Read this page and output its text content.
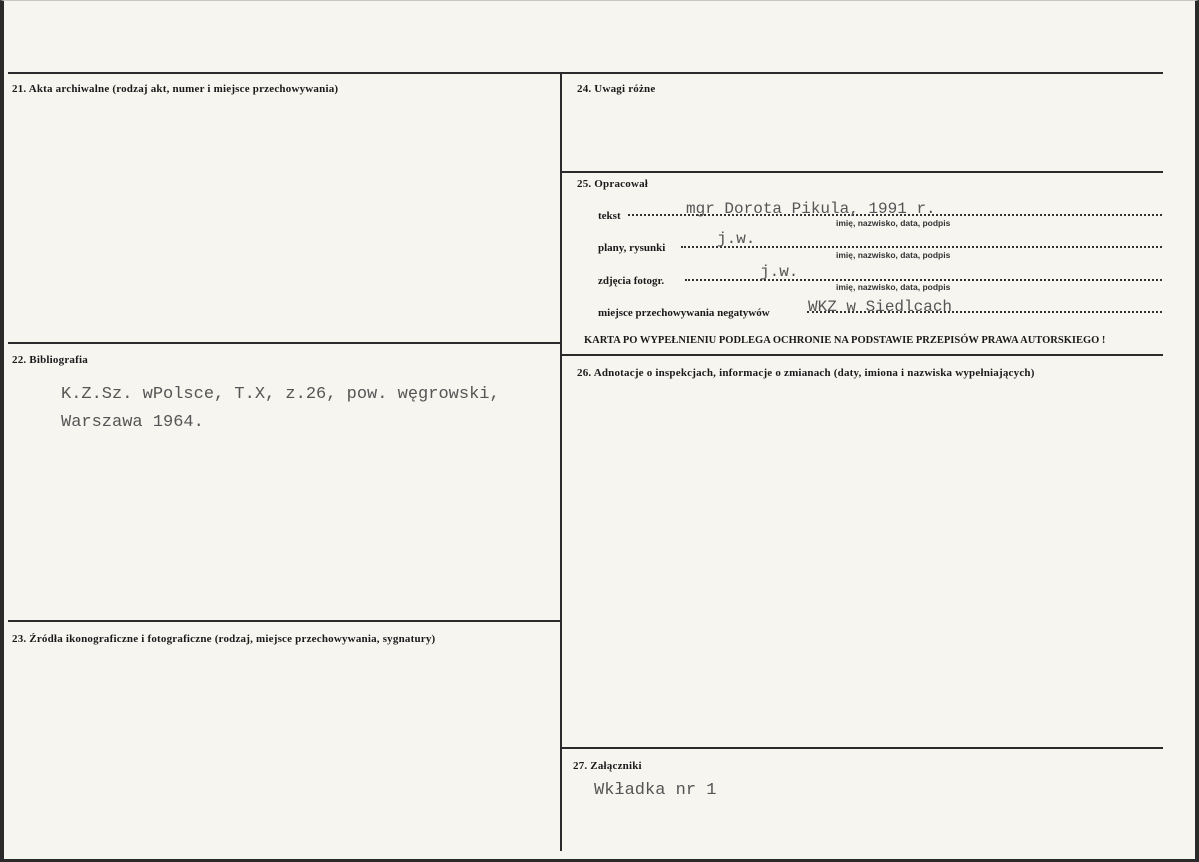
21. Akta archiwalne (rodzaj akt, numer i miejsce przechowywania)
22. Bibliografia
K.Z.Sz. wPolsce, T.X, z.26, pow. węgrowski,
Warszawa 1964.
23. Źródła ikonograficzne i fotograficzne (rodzaj, miejsce przechowywania, sygnatury)
24. Uwagi różne
25. Opracował
tekst	mgr Dorota Pikula, 1991 r.
imię, nazwisko, data, podpis
plany, rysunki	j.w.
imię, nazwisko, data, podpis
zdjęcia fotogr.	j.w.
imię, nazwisko, data, podpis
miejsce przechowywania negatywów WKZ w Siedlcach
KARTA PO WYPEŁNIENIU PODLEGA OCHRONIE NA PODSTAWIE PRZEPISÓW PRAWA AUTORSKIEGO !
26. Adnotacje o inspekcjach, informacje o zmianach (daty, imiona i nazwiska wypełniających)
27. Załączniki
Wkładka nr 1
